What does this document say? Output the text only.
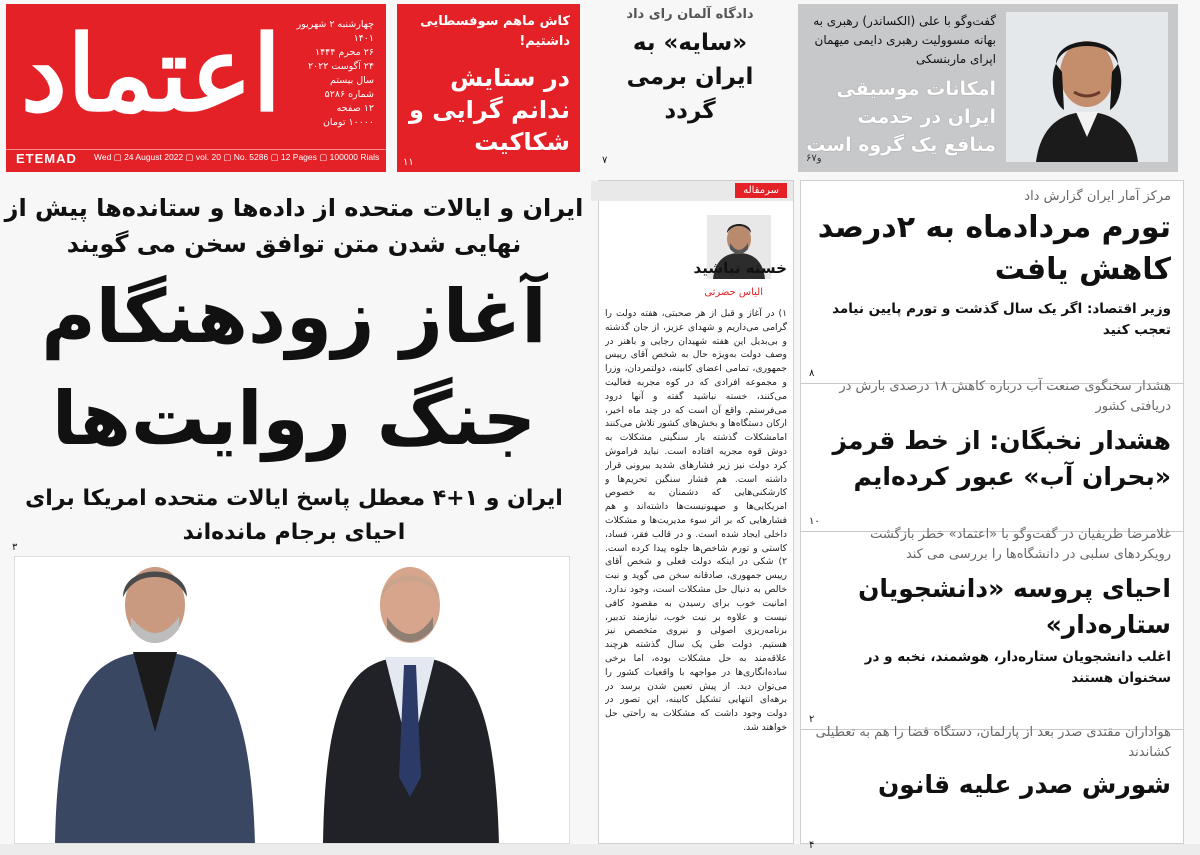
اعتماد	چهارشنبه ۲ شهریور ۱۴۰۱
۲۶ محرم ۱۴۴۴
۲۴ آگوست ۲۰۲۲
سال بیستم
شماره ۵۲۸۶
۱۲ صفحه
۱۰۰۰۰ تومان
ETEMAD Wed ▢ 24 August 2022 ▢ vol. 20 ▢ No. 5286 ▢ 12 Pages ▢ 100000 Rials
کاش ماهم سوفسطایی داشتیم!
در ستایش ندانم گرایی و شکاکیت
۱۱
دادگاه آلمان رای داد
«سایه» به ایران برمی گردد
۷
گفت‌وگو با علی (الکساندر) رهبری به بهانه مسوولیت رهبری دایمی میهمان اپرای ماربنسکی
امکانات موسیقی ایران در خدمت منافع یک گروه است
۶و۷
ایران و ایالات متحده از داده‌ها و ستانده‌ها پیش از نهایی شدن متن توافق سخن می گویند
آغاز زودهنگام جنگ روایت‌ها
ایران و ۱+۴ معطل پاسخ ایالات متحده امریکا برای احیای برجام مانده‌اند
۳
سرمقاله
خسته نباشید
الیاس حضرتی
۱) در آغاز و قبل از هر صحبتی، هفته دولت را گرامی می‌داریم و شهدای عزیز، از جان گذشته و بی‌بدیل این هفته شهیدان رجایی و باهنر در وصف دولت به‌ویژه حال به شخص آقای رییس جمهوری، تمامی اعضای کابینه، دولتمردان، وزرا و مجموعه افرادی که در کوه مجربه فعالیت می‌کنند، خسته نباشید گفته و آنها درود می‌فرستم. واقع آن است که در چند ماه اخیر، ارکان دستگاه‌ها و بخش‌های کشور تلاش می‌کنند امامشکلات گذشته بار سنگینی مشکلات به دوش قوه مجریه افتاده است. نباید فراموش کرد دولت نیز زیر فشارهای شدید بیرونی قرار داشته است. هم فشار سنگین تحریم‌ها و کارشکنی‌هایی که دشمنان به خصوص امریکایی‌ها و صهیونیست‌ها داشته‌اند و هم فشارهایی که بر اثر سوء مدیریت‌ها و مشکلات داخلی ایجاد شده است. و در قالب فقر، فساد، کاستی و تورم شاخص‌ها جلوه پیدا کرده است. ۲) شکی در اینکه دولت فعلی و شخص آقای رییس جمهوری، صادقانه سخن می گوید و نیت خالص به دنبال حل مشکلات است، وجود ندارد. امانیت خوب برای رسیدن به مقصود کافی نیست و علاوه بر نیت خوب، نیازمند تدبیر، برنامه‌ریزی اصولی و نیروی متخصص نیز هستیم. دولت طی یک سال گذشته هرچند علاقه‌مند به حل مشکلات بوده، اما برخی ساده‌انگاری‌ها در مواجهه با واقعیات کشور را می‌توان دید. از پیش تعیین شدن برسد در برهه‌ای انتهایی تشکیل کابینه، این تصور در دولت وجود داشت که مشکلات به راحتی حل خواهند شد.
مرکز آمار ایران گزارش داد
تورم مردادماه به ۲درصد کاهش یافت
وزیر اقتصاد: اگر یک سال گذشت و تورم پایین نیامد تعجب کنید
۸
هشدار سخنگوی صنعت آب درباره کاهش ۱۸ درصدی بارش در دریافتی کشور
هشدار نخبگان: از خط قرمز «بحران آب» عبور کرده‌ایم
۱۰
غلامرضا ظریفیان در گفت‌وگو با «اعتماد» خطر بازگشت رویکردهای سلبی در دانشگاه‌ها را بررسی می کند
احیای پروسه «دانشجویان ستاره‌دار»
اغلب دانشجویان ستاره‌دار، هوشمند، نخبه و در سخنوان هستند
۲
هواداران مقتدی صدر بعد از پارلمان، دستگاه قضا را هم به تعطیلی کشاندند
شورش صدر علیه قانون
۴
